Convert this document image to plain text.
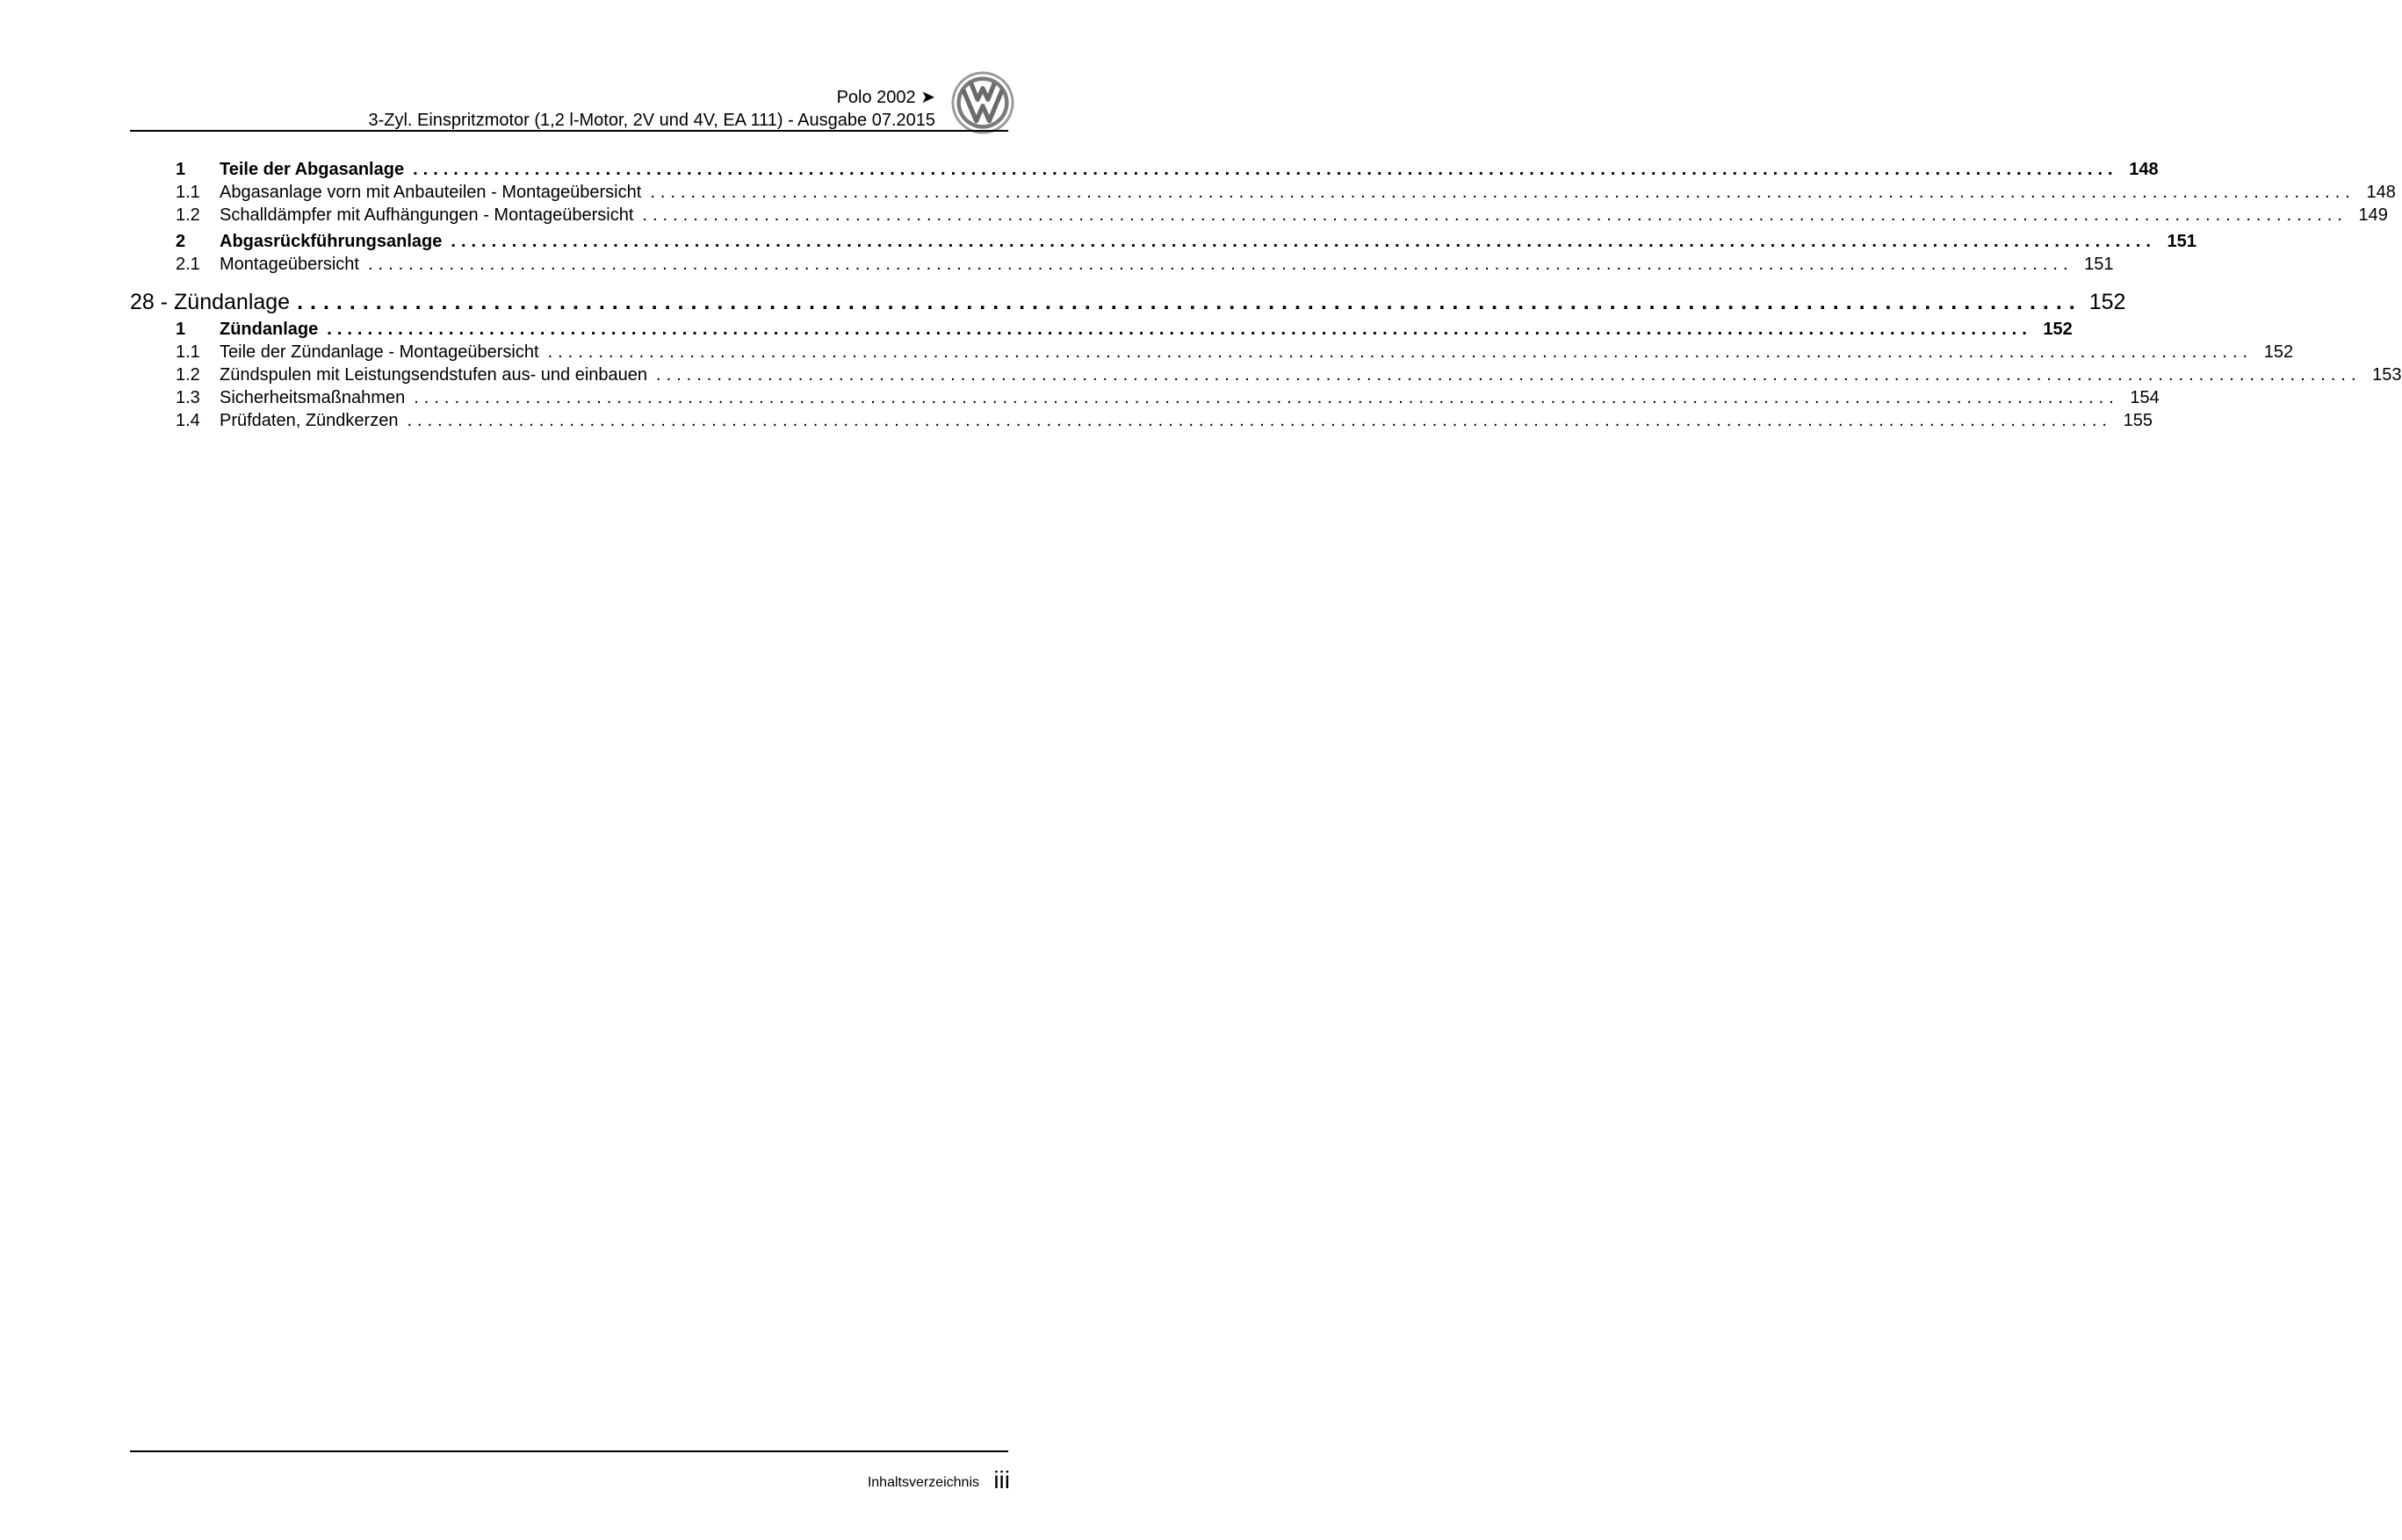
Polo 2002 ➤
3-Zyl. Einspritzmotor (1,2 l-Motor, 2V und 4V, EA 111) - Ausgabe 07.2015
1	Teile der Abgasanlage ........................................................................................................................................................................ 148
1.1	Abgasanlage vorn mit Anbauteilen - Montageübersicht ........................................................................................................................................................................ 148
1.2	Schalldämpfer mit Aufhängungen - Montageübersicht ........................................................................................................................................................................ 149
2	Abgasrückführungsanlage ........................................................................................................................................................................ 151
2.1	Montageübersicht ........................................................................................................................................................................ 151
28 - Zündanlage ........................................................................................................................................ 152
1	Zündanlage ........................................................................................................................................................................ 152
1.1	Teile der Zündanlage - Montageübersicht ........................................................................................................................................................................ 152
1.2	Zündspulen mit Leistungsendstufen aus- und einbauen ........................................................................................................................................................................ 153
1.3	Sicherheitsmaßnahmen ........................................................................................................................................................................ 154
1.4	Prüfdaten, Zündkerzen ........................................................................................................................................................................ 155
Inhaltsverzeichnis iii
